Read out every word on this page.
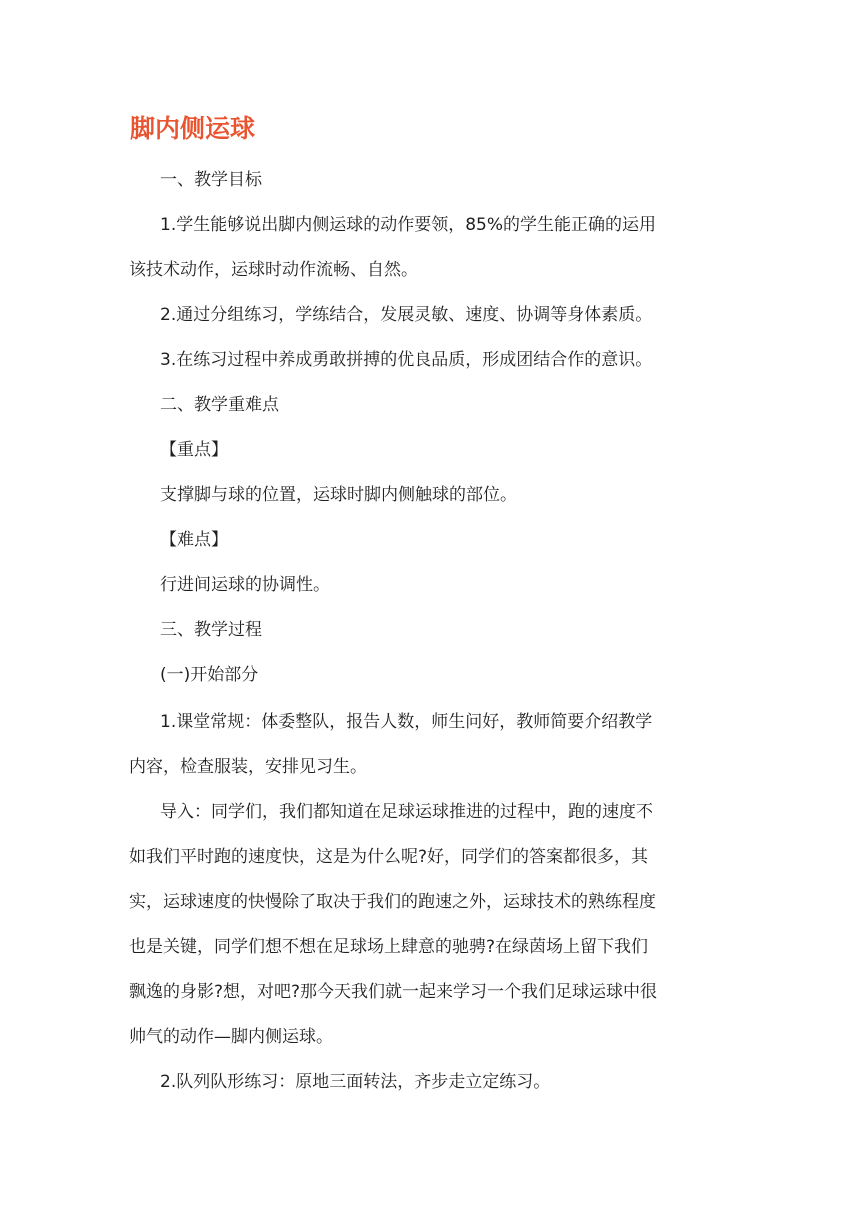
脚内侧运球

一、教学目标

1.学生能够说出脚内侧运球的动作要领，85%的学生能正确的运用

该技术动作，运球时动作流畅、自然。

2.通过分组练习，学练结合，发展灵敏、速度、协调等身体素质。

3.在练习过程中养成勇敢拼搏的优良品质，形成团结合作的意识。

二、教学重难点

【重点】

支撑脚与球的位置，运球时脚内侧触球的部位。

【难点】

行进间运球的协调性。

三、教学过程

(一)开始部分

1.课堂常规：体委整队，报告人数，师生问好，教师简要介绍教学

内容，检查服装，安排见习生。

导入：同学们，我们都知道在足球运球推进的过程中，跑的速度不

如我们平时跑的速度快，这是为什么呢?好，同学们的答案都很多，其

实，运球速度的快慢除了取决于我们的跑速之外，运球技术的熟练程度

也是关键，同学们想不想在足球场上肆意的驰骋?在绿茵场上留下我们

飘逸的身影?想，对吧?那今天我们就一起来学习一个我们足球运球中很

帅气的动作—脚内侧运球。

2.队列队形练习：原地三面转法，齐步走立定练习。
